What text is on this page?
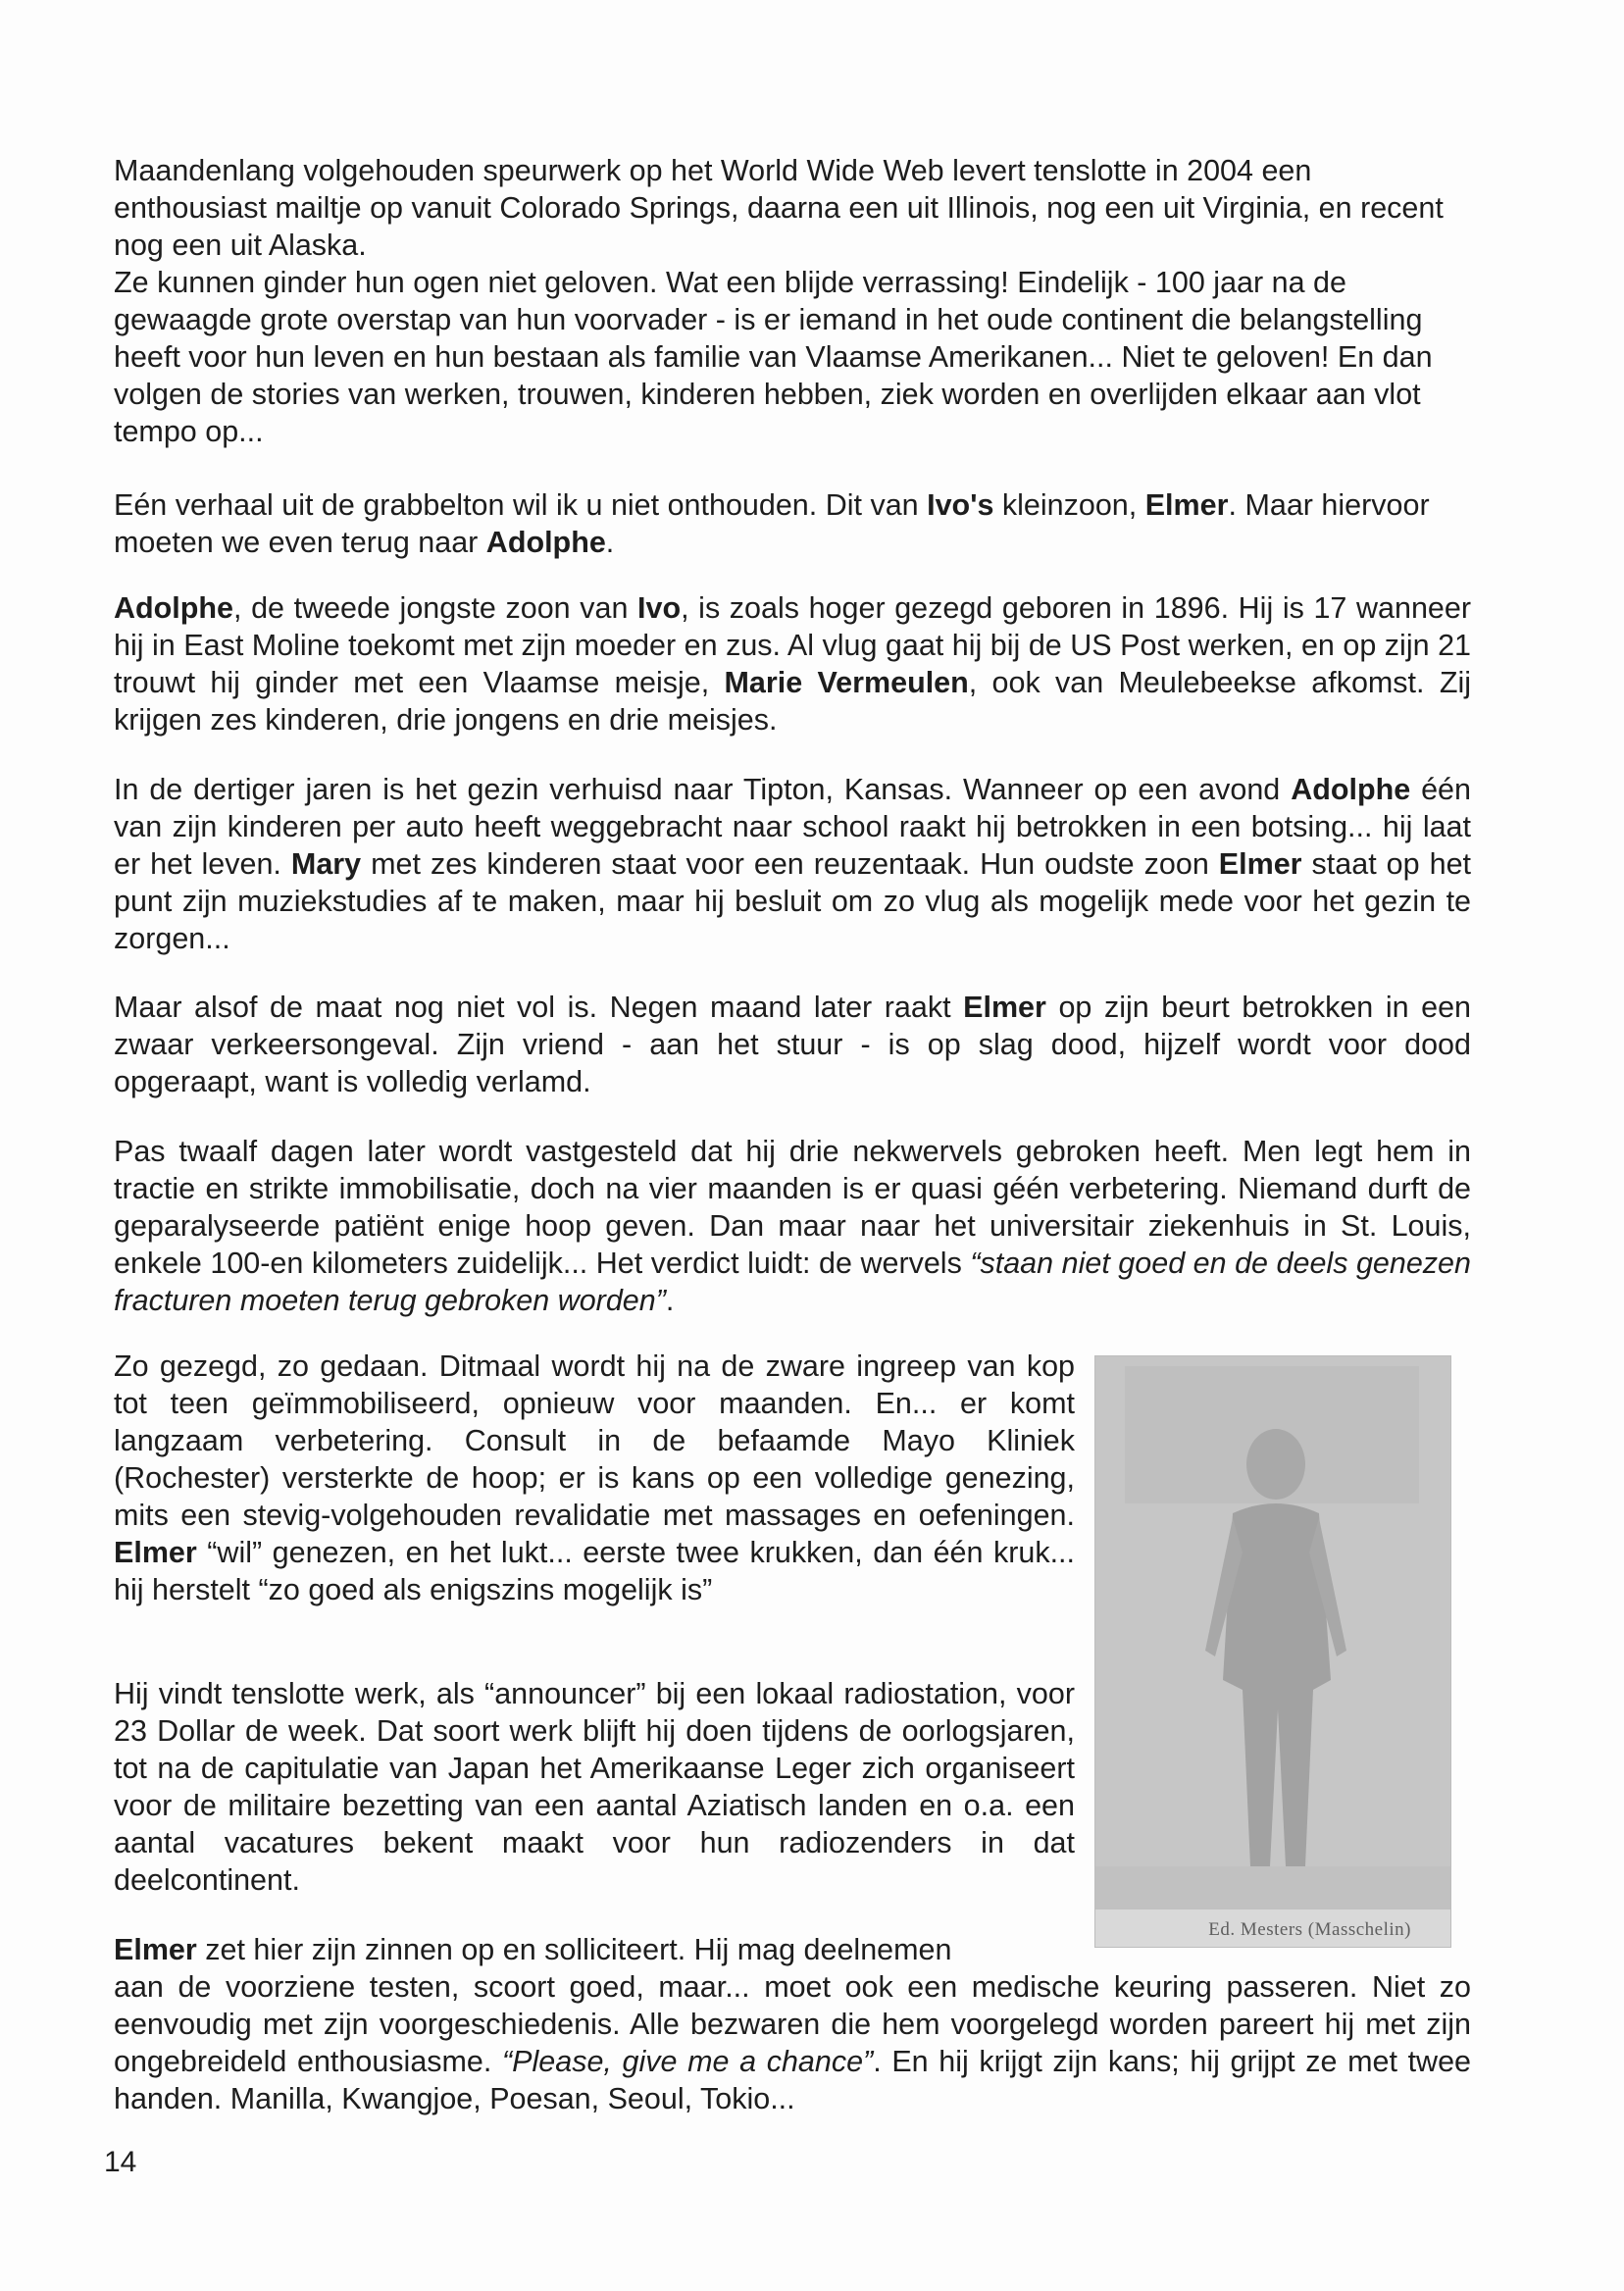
Maandenlang volgehouden speurwerk op het World Wide Web levert tenslotte in 2004 een enthousiast mailtje op vanuit Colorado Springs, daarna een uit Illinois, nog een uit Virginia, en recent nog een uit Alaska.
Ze kunnen ginder hun ogen niet geloven. Wat een blijde verrassing! Eindelijk - 100 jaar na de gewaagde grote overstap van hun voorvader - is er iemand in het oude continent die belangstelling heeft voor hun leven en hun bestaan als familie van Vlaamse Amerikanen... Niet te geloven! En dan volgen de stories van werken, trouwen, kinderen hebben, ziek worden en overlijden elkaar aan vlot tempo op...

Eén verhaal uit de grabbelton wil ik u niet onthouden. Dit van Ivo's kleinzoon, Elmer. Maar hiervoor moeten we even terug naar Adolphe.

Adolphe, de tweede jongste zoon van Ivo, is zoals hoger gezegd geboren in 1896. Hij is 17 wanneer hij in East Moline toekomt met zijn moeder en zus. Al vlug gaat hij bij de US Post werken, en op zijn 21 trouwt hij ginder met een Vlaamse meisje, Marie Vermeulen, ook van Meulebeekse afkomst. Zij krijgen zes kinderen, drie jongens en drie meisjes.

In de dertiger jaren is het gezin verhuisd naar Tipton, Kansas. Wanneer op een avond Adolphe één van zijn kinderen per auto heeft weggebracht naar school raakt hij betrokken in een botsing... hij laat er het leven. Mary met zes kinderen staat voor een reuzentaak. Hun oudste zoon Elmer staat op het punt zijn muziekstudies af te maken, maar hij besluit om zo vlug als mogelijk mede voor het gezin te zorgen...

Maar alsof de maat nog niet vol is. Negen maand later raakt Elmer op zijn beurt betrokken in een zwaar verkeersongeval. Zijn vriend - aan het stuur - is op slag dood, hijzelf wordt voor dood opgeraapt, want is volledig verlamd.

Pas twaalf dagen later wordt vastgesteld dat hij drie nekwervels gebroken heeft. Men legt hem in tractie en strikte immobilisatie, doch na vier maanden is er quasi géén verbetering. Niemand durft de geparalyseerde patiënt enige hoop geven. Dan maar naar het universitair ziekenhuis in St. Louis, enkele 100-en kilometers zuidelijk... Het verdict luidt: de wervels “staan niet goed en de deels genezen fracturen moeten terug gebroken worden”.

Zo gezegd, zo gedaan. Ditmaal wordt hij na de zware ingreep van kop tot teen geïmmobiliseerd, opnieuw voor maanden. En... er komt langzaam verbetering. Consult in de befaamde Mayo Kliniek (Rochester) versterkte de hoop; er is kans op een volledige genezing, mits een stevig-volgehouden revalidatie met massages en oefeningen. Elmer “wil” genezen, en het lukt... eerste twee krukken, dan één kruk... hij herstelt “zo goed als enigszins mogelijk is”

Hij vindt tenslotte werk, als “announcer” bij een lokaal radiostation, voor 23 Dollar de week. Dat soort werk blijft hij doen tijdens de oorlogsjaren, tot na de capitulatie van Japan het Amerikaanse Leger zich organiseert voor de militaire bezetting van een aantal Aziatisch landen en o.a. een aantal vacatures bekent maakt voor hun radiozenders in dat deelcontinent.

Elmer zet hier zijn zinnen op en solliciteert. Hij mag deelnemen

aan de voorziene testen, scoort goed, maar... moet ook een medische keuring passeren. Niet zo eenvoudig met zijn voorgeschiedenis. Alle bezwaren die hem voorgelegd worden pareert hij met zijn ongebreideld enthousiasme. “Please, give me a chance”. En hij krijgt zijn kans; hij grijpt ze met twee handen. Manilla, Kwangjoe, Poesan, Seoul, Tokio...

Ed. Mesters (Masschelin)
14
